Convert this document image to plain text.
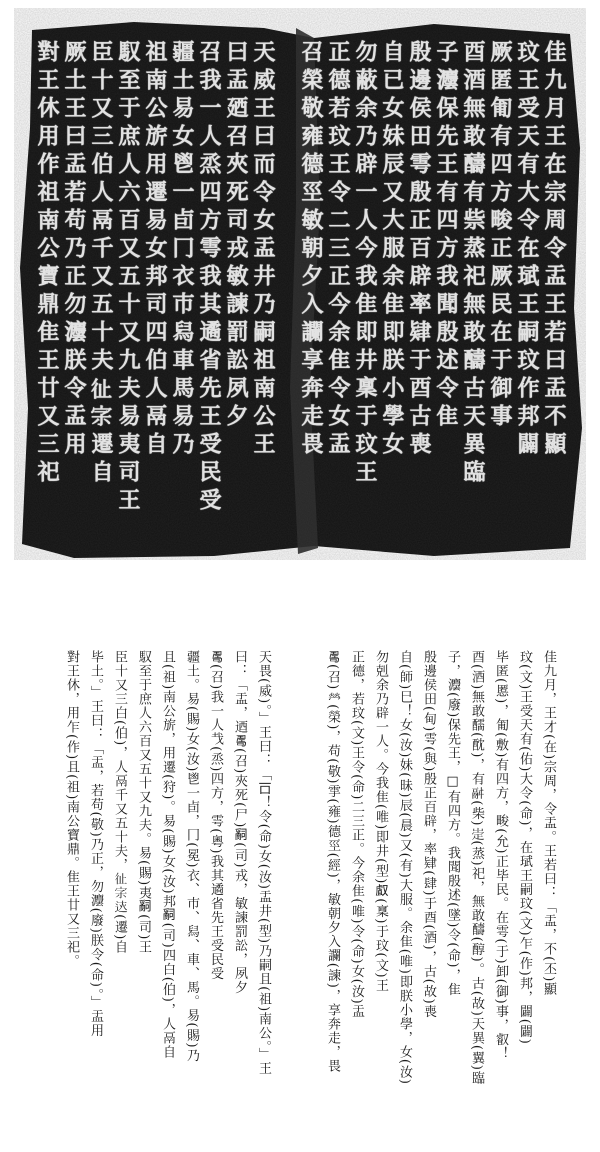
佳九月王在宗周令盂王若曰盂不顯
玟王受天有大令在珷王嗣玟作邦闢
厥匿匍有四方畯正厥民在于御事
酉酒無敢醻有祡蒸祀無敢醻古天異臨
子灋保先王有四方我聞殷述令隹
殷邊侯田雩殷正百辟率肄于酉古喪
自已女妹辰又大服余隹即朕小學女
勿蔽余乃辟一人今我隹即井稟于玟王
正德若玟王令二三正今余隹令女盂
召榮敬雍德巠敏朝夕入讕享奔走畏
天威王曰而令女盂井乃嗣祖南公王
曰盂廼召夾死司戎敏諫罰訟夙夕
召我一人烝四方雩我其遹省先王受民受
疆土易女鬯一卣冂衣巿舄車馬易乃
祖南公旂用遷易女邦司四伯人鬲自
馭至于庶人六百又五十又九夫易夷司王
臣十又三伯人鬲千又五十夫𢓊𡧖遷自
厥土王曰盂若苟乃正勿灋朕令盂用
對王休用作祖南公寶鼎隹王廿又三祀
佳九月，王才(在)宗周，令盂。王若曰：「盂，不(丕)顯
玟(文)王受天有(佑)大令(命)，在珷王嗣玟(文)乍(作)邦，闢(闢)
毕匿(慝)，匍(敷)有四方，畯(允)正毕民。在雩(于)卸(御)事，叡！
酉(酒)無敢醹(酖)，有𩰫(柴)𡹦(蒸)祀，無敢醻(醇)。古(故)天異(翼)臨
子，灋(廢)保先王，□有四方。我聞殷述(墜)令(命)，隹
殷邊侯田(甸)雩(與)殷正百辟，率肄(肆)于酉(酒)，古(故)喪
自(師)巳！女(汝)妹(昧)辰(晨)又(有)大服。余隹(唯)即朕小學，女(汝)
勿剋余乃辟一人。今我隹(唯)即井(型)𠭯(稟)于玟(文)王
正德，若玟(文)王令(命)二三正。今余隹(唯)令(命)女(汝)盂
𠷎(召)𤇾(榮)，苟(敬)𩁹(雍)德巠(經)，敏朝夕入讕(諫)，享奔走，畏
天畏(威)。」王曰：「𠮛！令(命)女(汝)盂井(型)乃嗣且(祖)南公。」王
曰：「盂，迺𠷎(召)夾死(尸)𤔲(司)戎，敏諫罰訟，夙夕
𠷎(召)我一人𢦏(烝)四方，雩(粵)我其遹省先王受民受
疆土。易(賜)女(汝)鬯一卣，冂(冕)衣、巿、舄、車、馬。易(賜)乃
且(祖)南公旂，用遷(狩)。易(賜)女(汝)邦𤔲(司)四白(伯)，人鬲自
馭至于庶人六百又五十又九夫。易(賜)夷𤔲(司)王
臣十又三白(伯)，人鬲千又五十夫，𢓊𡧖𨒏(遷)自
毕土。」王曰：「盂，若苟(敬)乃正，勿灋(廢)朕令(命)。」盂用
對王休，用乍(作)且(祖)南公寶鼎。隹王廿又三祀。
